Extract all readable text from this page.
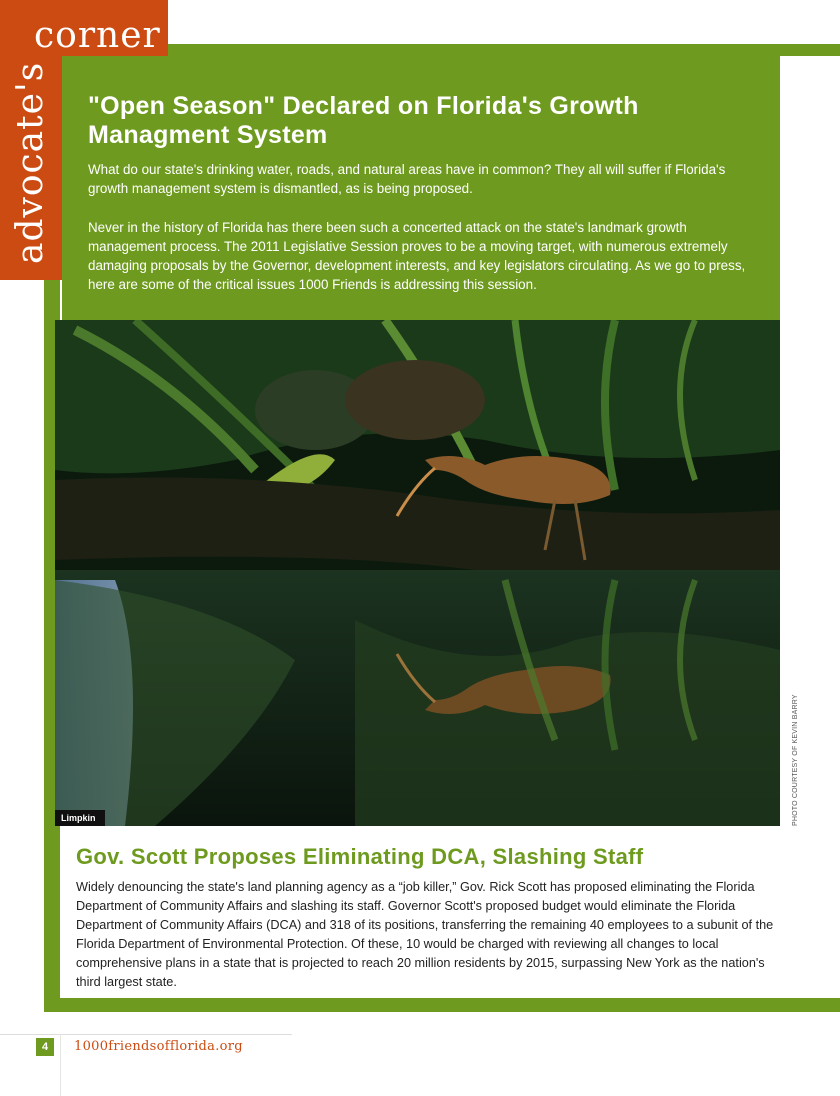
corner
advocate's "Open Season" Declared on Florida's Growth Managment System

What do our state's drinking water, roads, and natural areas have in common? They all will suffer if Florida's growth management system is dismantled, as is being proposed.

Never in the history of Florida has there been such a concerted attack on the state's landmark growth management process. The 2011 Legislative Session proves to be a moving target, with numerous extremely damaging proposals by the Governor, development interests, and key legislators circulating. As we go to press, here are some of the critical issues 1000 Friends is addressing this session.

Limpkin	PHOTO COURTESY OF KEVIN BARRY
Gov. Scott Proposes Eliminating DCA, Slashing Staff

Widely denouncing the state's land planning agency as a “job killer,” Gov. Rick Scott has proposed eliminating the Florida Department of Community Affairs and slashing its staff. Governor Scott's proposed budget would eliminate the Florida Department of Community Affairs (DCA) and 318 of its positions, transferring the remaining 40 employees to a subunit of the Florida Department of Environmental Protection. Of these, 10 would be charged with reviewing all changes to local comprehensive plans in a state that is projected to reach 20 million residents by 2015, surpassing New York as the nation's third largest state.

4	1000friendsofflorida.org
